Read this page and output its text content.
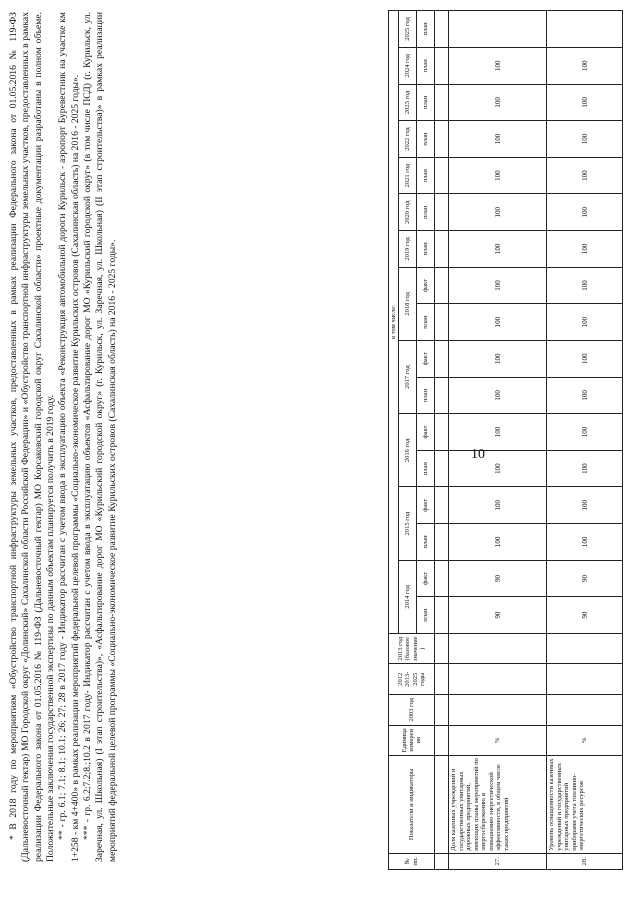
10

* В 2018 году по мероприятиям «Обустройство транспортной инфраструктуры земельных участков, предоставленных в рамках реализации Федерального закона от 01.05.2016 № 119-ФЗ (Дальневосточный гектар) МО Городской округ «Долинский» Сахалинской области Российской Федерации» и «Обустройство транспортной инфраструктуры земельных участков, предоставленных в рамках реализации Федерального закона от 01.05.2016 № 119-ФЗ (Дальневосточный гектар) МО Корсаковский городской округ Сахалинской области» проектные документации разработаны в полном объеме. Положительные заключения государственной экспертизы по данным объектам планируется получить в 2019 году. ** - гр. 6.1; 7.1; 8.1; 10.1; 26; 27; 28 в 2017 году - Индикатор рассчитан с учетом ввода в эксплуатацию объекта «Реконструкция автомобильной дороги Курильск - аэропорт Буревестник на участке км 1+258 - км 4+400» в рамках реализации мероприятий федеральной целевой программы «Социально-экономическое развитие Курильских островов (Сахалинская область) на 2016 - 2025 годы». *** - гр. 6.2;7.2;8.;10.2 в 2017 году- Индикатор рассчитан с учетом ввода в эксплуатацию объектов «Асфальтирование дорог МО «Курильский городской округ» (в том числе ПСД) (г. Курильск, ул. Заречная, ул. Школьная) (I этап строительства)», «Асфальтирование дорог МО «Курильский городской округ» (г. Курильск, ул. Заречная, ул. Школьная) (II этап строительства)» в рамках реализации мероприятий федеральной целевой программы «Социально-экономическое развитие Курильских островов (Сахалинская область) на 2016 - 2025 годы».	№ пп.	Показатели и индикаторы	Единица измерения	2003 год	2012 2013-2025 годы	2013 год (базовое значение)	в том числе:																
						2014 год		2015 год		2016 год		2017 год		2018 год		2019 год	2020 год	2021 год	2022 год	2023 год	2024 год	2025 год
						план	факт	план	факт	план	факт	план	факт	план	факт	план	план	план	план	план	план	план

27.	Доля казенных учреждений и государственных унитарных дорожных предприятий, имеющих планы мероприятий по энергосбережению и повышению энергетической эффективности, в общем числе таких предприятий	%				90	90	100	100	100	100	100	100	100	100	100	100	100	100	100	100	
28.	Уровень оснащенности казенных учреждений и государственных унитарных предприятий приборами учета топливно-энергетических ресурсов	%				90	90	100	100	100	100	100	100	100	100	100	100	100	100	100	100	
